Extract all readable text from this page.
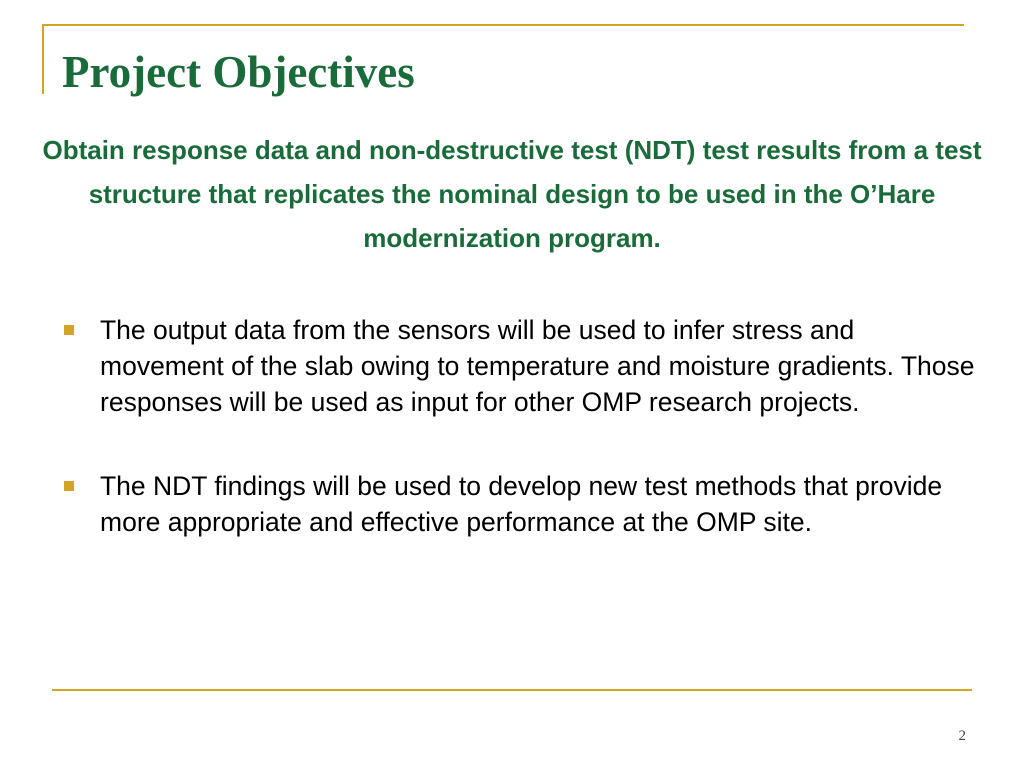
Project Objectives

Obtain response data and non-destructive test (NDT) test results from a test structure that replicates the nominal design to be used in the O’Hare modernization program.

The output data from the sensors will be used to infer stress and movement of the slab owing to temperature and moisture gradients. Those responses will be used as input for other OMP research projects.
The NDT findings will be used to develop new test methods that provide more appropriate and effective performance at the OMP site.
2
